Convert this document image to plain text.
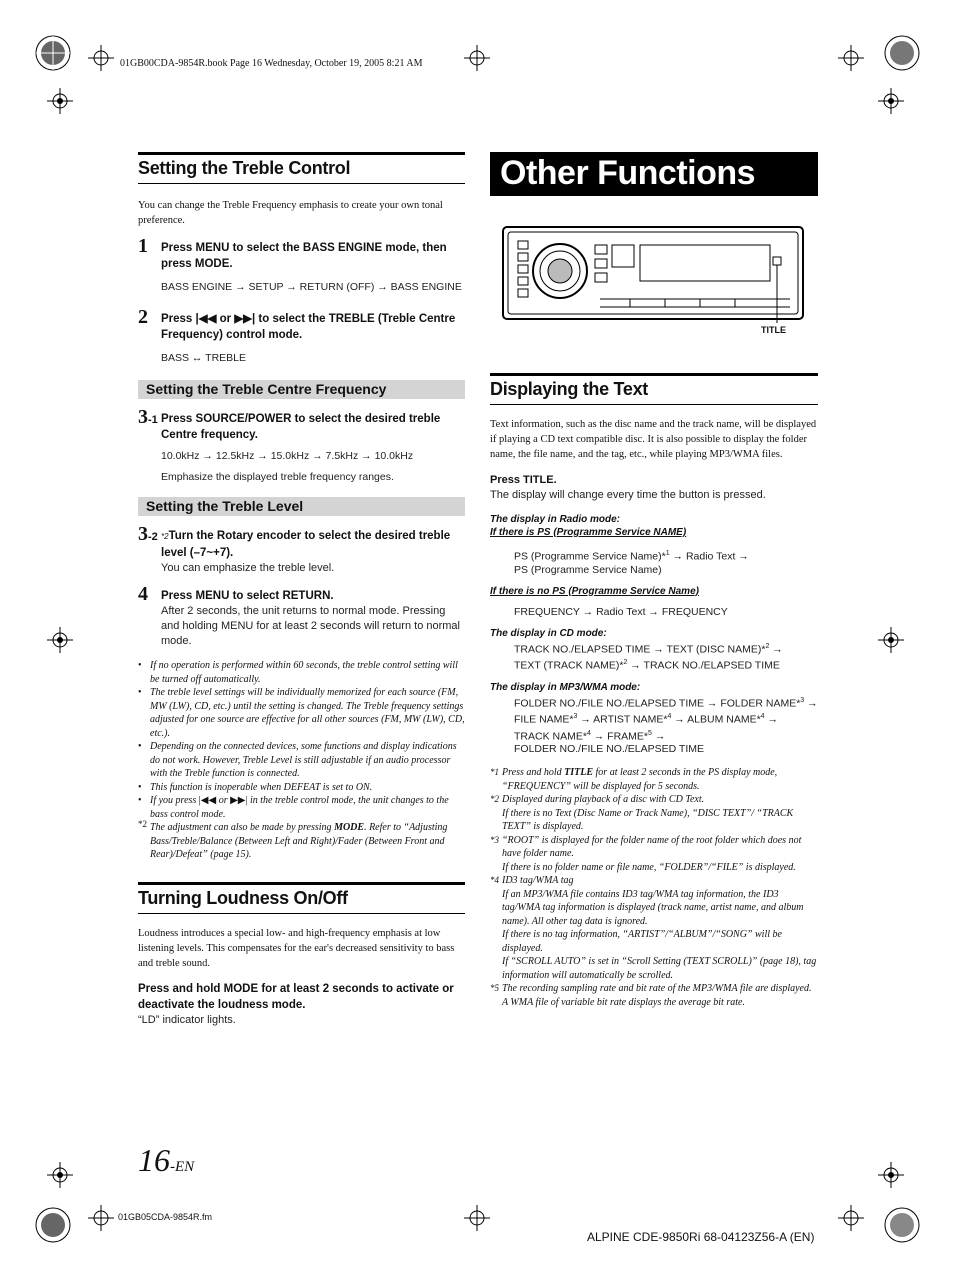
01GB00CDA-9854R.book Page 16 Wednesday, October 19, 2005 8:21 AM
Setting the Treble Control
You can change the Treble Frequency emphasis to create your own tonal preference.
1 Press MENU to select the BASS ENGINE mode, then press MODE.
BASS ENGINE → SETUP → RETURN (OFF) → BASS ENGINE
2 Press |◀◀ or ▶▶| to select the TREBLE (Treble Centre Frequency) control mode.
BASS ↔ TREBLE
Setting the Treble Centre Frequency
3-1 Press SOURCE/POWER to select the desired treble Centre frequency.
10.0kHz → 12.5kHz → 15.0kHz → 7.5kHz → 10.0kHz
Emphasize the displayed treble frequency ranges.
Setting the Treble Level
3-2 *2Turn the Rotary encoder to select the desired treble level (–7~+7).
You can emphasize the treble level.
4 Press MENU to select RETURN.
After 2 seconds, the unit returns to normal mode. Pressing and holding MENU for at least 2 seconds will return to normal mode.
• If no operation is performed within 60 seconds, the treble control setting will be turned off automatically.
• The treble level settings will be individually memorized for each source (FM, MW (LW), CD, etc.) until the setting is changed. The Treble frequency settings adjusted for one source are effective for all other sources (FM, MW (LW), CD, etc.).
• Depending on the connected devices, some functions and display indications do not work. However, Treble Level is still adjustable if an audio processor with the Treble function is connected.
• This function is inoperable when DEFEAT is set to ON.
• If you press |◀◀ or ▶▶| in the treble control mode, the unit changes to the bass control mode.
*2 The adjustment can also be made by pressing MODE. Refer to “Adjusting Bass/Treble/Balance (Between Left and Right)/Fader (Between Front and Rear)/Defeat” (page 15).
Turning Loudness On/Off
Loudness introduces a special low- and high-frequency emphasis at low listening levels. This compensates for the ear's decreased sensitivity to bass and treble sound.
Press and hold MODE for at least 2 seconds to activate or deactivate the loudness mode.
“LD” indicator lights.
Other Functions
TITLE
Displaying the Text
Text information, such as the disc name and the track name, will be displayed if playing a CD text compatible disc. It is also possible to display the folder name, the file name, and the tag, etc., while playing MP3/WMA files.
Press TITLE.
The display will change every time the button is pressed.
The display in Radio mode:
If there is PS (Programme Service NAME)
PS (Programme Service Name)*$^1$ → Radio Text →
PS (Programme Service Name)
If there is no PS (Programme Service Name)
FREQUENCY → Radio Text → FREQUENCY
The display in CD mode:
TRACK NO./ELAPSED TIME → TEXT (DISC NAME)*$^2$ →
TEXT (TRACK NAME)*$^2$ → TRACK NO./ELAPSED TIME
The display in MP3/WMA mode:
FOLDER NO./FILE NO./ELAPSED TIME → FOLDER NAME*$^3$ →
FILE NAME*$^3$ → ARTIST NAME*$^4$ → ALBUM NAME*$^4$ →
TRACK NAME*$^4$ → FRAME*$^5$ →
FOLDER NO./FILE NO./ELAPSED TIME
*1 Press and hold TITLE for at least 2 seconds in the PS display mode, “FREQUENCY” will be displayed for 5 seconds.
*2 Displayed during playback of a disc with CD Text.
If there is no Text (Disc Name or Track Name), “DISC TEXT”/ “TRACK TEXT” is displayed.
*3 “ROOT” is displayed for the folder name of the root folder which does not have folder name.
If there is no folder name or file name, “FOLDER”/“FILE” is displayed.
*4 ID3 tag/WMA tag
If an MP3/WMA file contains ID3 tag/WMA tag information, the ID3 tag/WMA tag information is displayed (track name, artist name, and album name). All other tag data is ignored.
If there is no tag information, “ARTIST”/“ALBUM”/“SONG” will be displayed.
If “SCROLL AUTO” is set in “Scroll Setting (TEXT SCROLL)” (page 18), tag information will automatically be scrolled.
*5 The recording sampling rate and bit rate of the MP3/WMA file are displayed. A WMA file of variable bit rate displays the average bit rate.
16-EN
01GB05CDA-9854R.fm
ALPINE CDE-9850Ri 68-04123Z56-A (EN)
